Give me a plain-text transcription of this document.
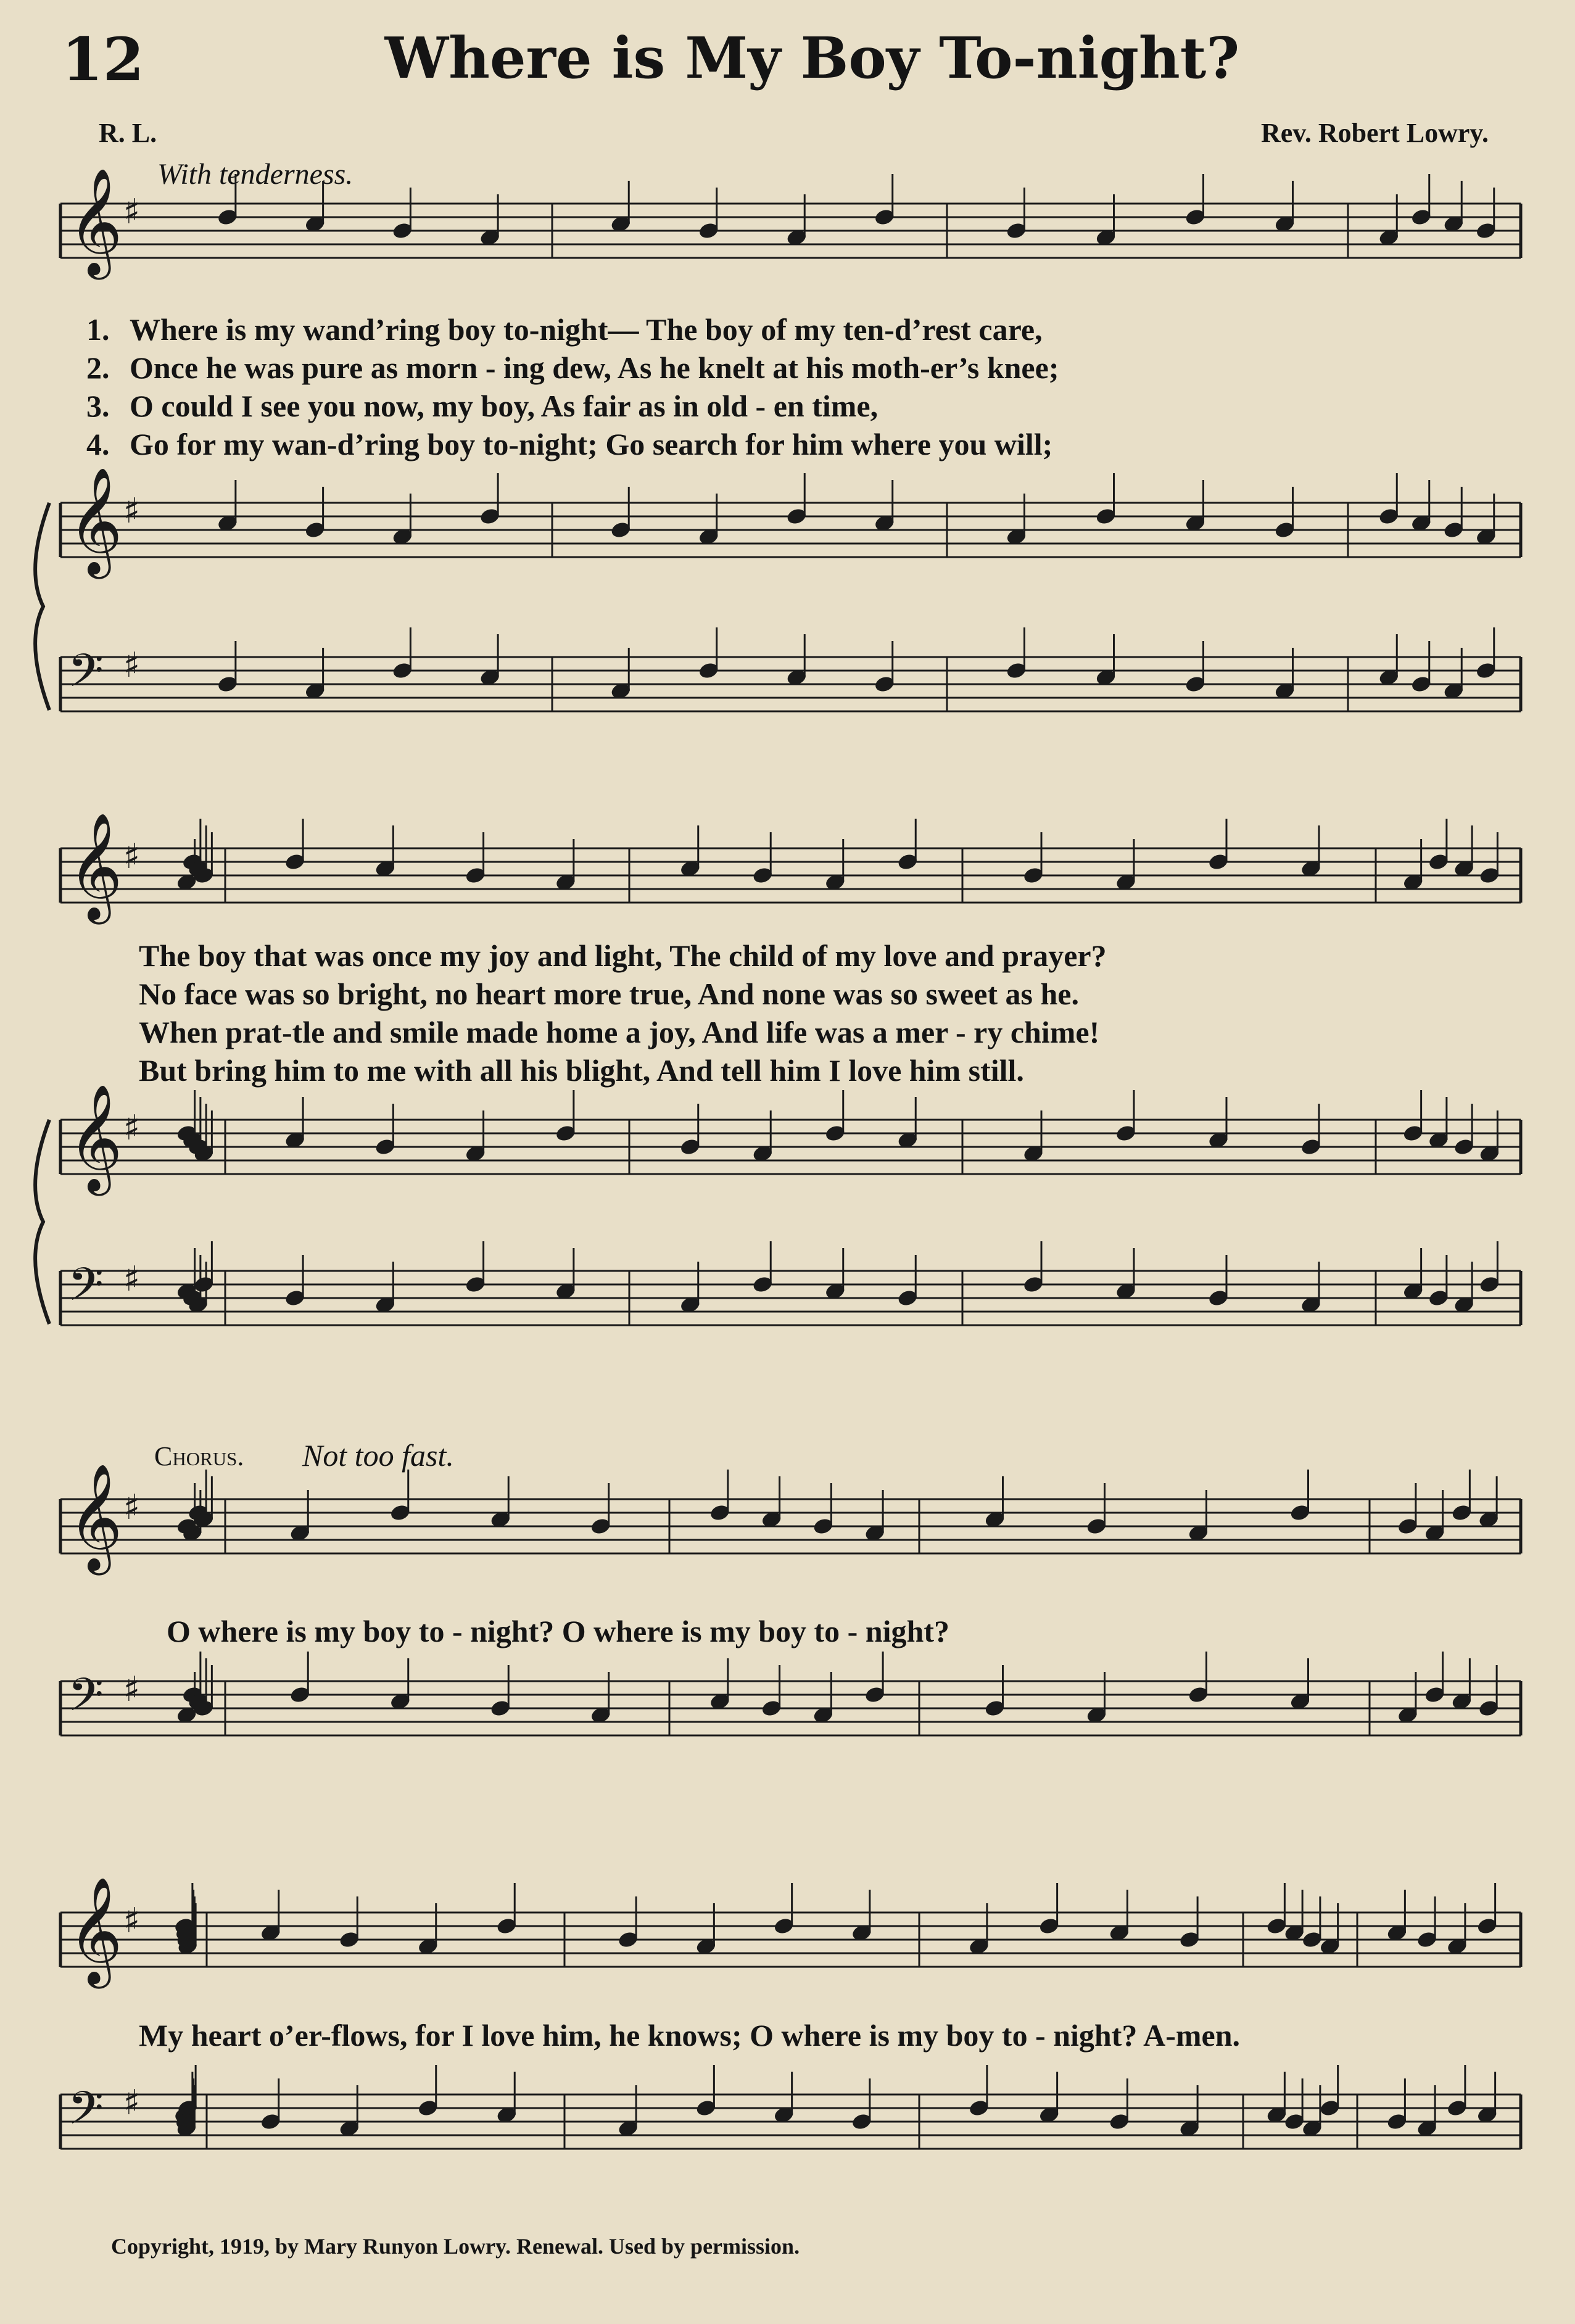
12	Where is My Boy To-night?
R. L.	Rev. Robert Lowry.
With tenderness.
𝄞 ♯
𝄞 ♯
𝄢 ♯
𝄞 ♯
𝄞 ♯
𝄢 ♯
𝄞 ♯
𝄢 ♯
𝄞 ♯
𝄢 ♯
1. Where is my wand’ring boy to-night— The boy of my ten-d’rest care,
2. Once he was pure as morn - ing dew, As he knelt at his moth-er’s knee;
3. O could I see you now, my boy, As fair as in old - en time,
4. Go for my wan-d’ring boy to-night; Go search for him where you will;
The boy that was once my joy and light, The child of my love and prayer?
No face was so bright, no heart more true, And none was so sweet as he.
When prat-tle and smile made home a joy, And life was a mer - ry chime!
But bring him to me with all his blight, And tell him I love him still.
Chorus. Not too fast.
O where is my boy to - night? O where is my boy to - night?
My heart o’er-flows, for I love him, he knows; O where is my boy to - night? A-men.
Copyright, 1919, by Mary Runyon Lowry. Renewal. Used by permission.
